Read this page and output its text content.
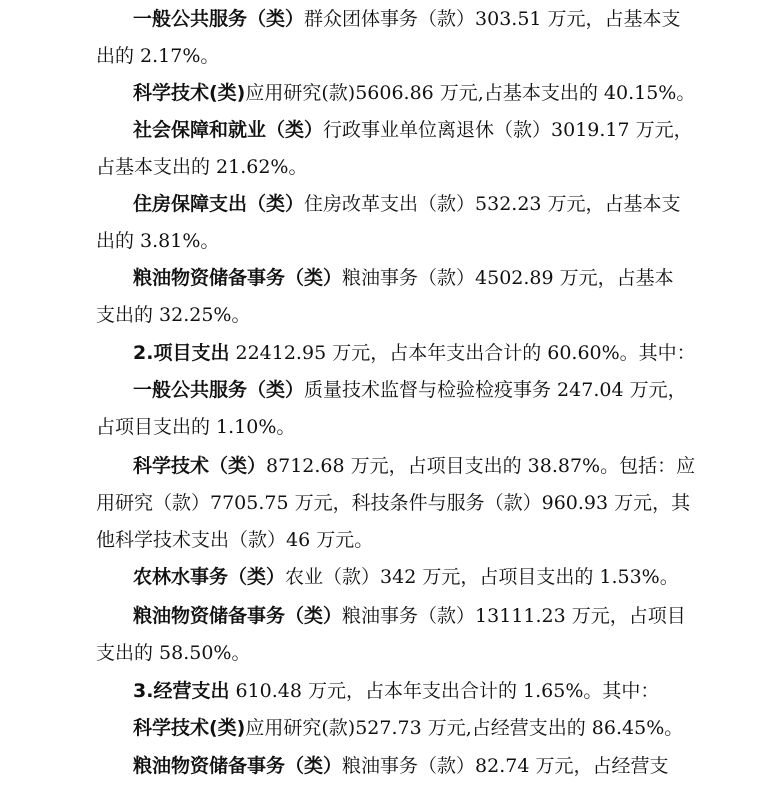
一般公共服务（类）群众团体事务（款）303.51 万元，占基本支
出的 2.17%。
科学技术(类)应用研究(款)5606.86 万元,占基本支出的 40.15%。
社会保障和就业（类）行政事业单位离退休（款）3019.17 万元，
占基本支出的 21.62%。
住房保障支出（类）住房改革支出（款）532.23 万元，占基本支
出的 3.81%。
粮油物资储备事务（类）粮油事务（款）4502.89 万元，占基本
支出的 32.25%。
2.项目支出 22412.95 万元，占本年支出合计的 60.60%。其中：
一般公共服务（类）质量技术监督与检验检疫事务 247.04 万元，
占项目支出的 1.10%。
科学技术（类）8712.68 万元，占项目支出的 38.87%。包括：应
用研究（款）7705.75 万元，科技条件与服务（款）960.93 万元，其
他科学技术支出（款）46 万元。
农林水事务（类）农业（款）342 万元，占项目支出的 1.53%。
粮油物资储备事务（类）粮油事务（款）13111.23 万元，占项目
支出的 58.50%。
3.经营支出 610.48 万元，占本年支出合计的 1.65%。其中：
科学技术(类)应用研究(款)527.73 万元,占经营支出的 86.45%。
粮油物资储备事务（类）粮油事务（款）82.74 万元，占经营支
